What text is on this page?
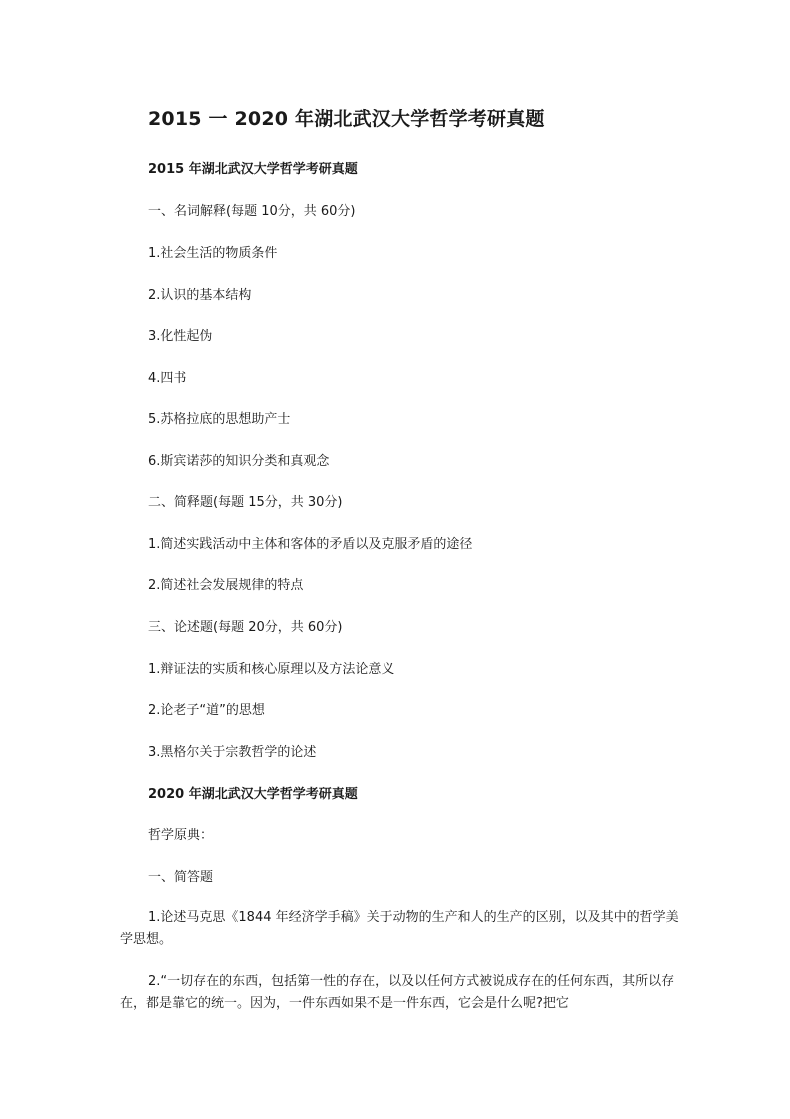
2015 一 2020 年湖北武汉大学哲学考研真题
2015 年湖北武汉大学哲学考研真题
一、名词解释(每题 10分，共 60分)
1.社会生活的物质条件
2.认识的基本结构
3.化性起伪
4.四书
5.苏格拉底的思想助产士
6.斯宾诺莎的知识分类和真观念
二、简释题(每题 15分，共 30分)
1.简述实践活动中主体和客体的矛盾以及克服矛盾的途径
2.简述社会发展规律的特点
三、论述题(每题 20分，共 60分)
1.辩证法的实质和核心原理以及方法论意义
2.论老子“道”的思想
3.黑格尔关于宗教哲学的论述
2020 年湖北武汉大学哲学考研真题
哲学原典：
一、简答题
1.论述马克思《1844 年经济学手稿》关于动物的生产和人的生产的区别，以及其中的哲学美学思想。
2.“一切存在的东西，包括第一性的存在，以及以任何方式被说成存在的任何东西，其所以存在，都是靠它的统一。因为，一件东西如果不是一件东西，它会是什么呢?把它
